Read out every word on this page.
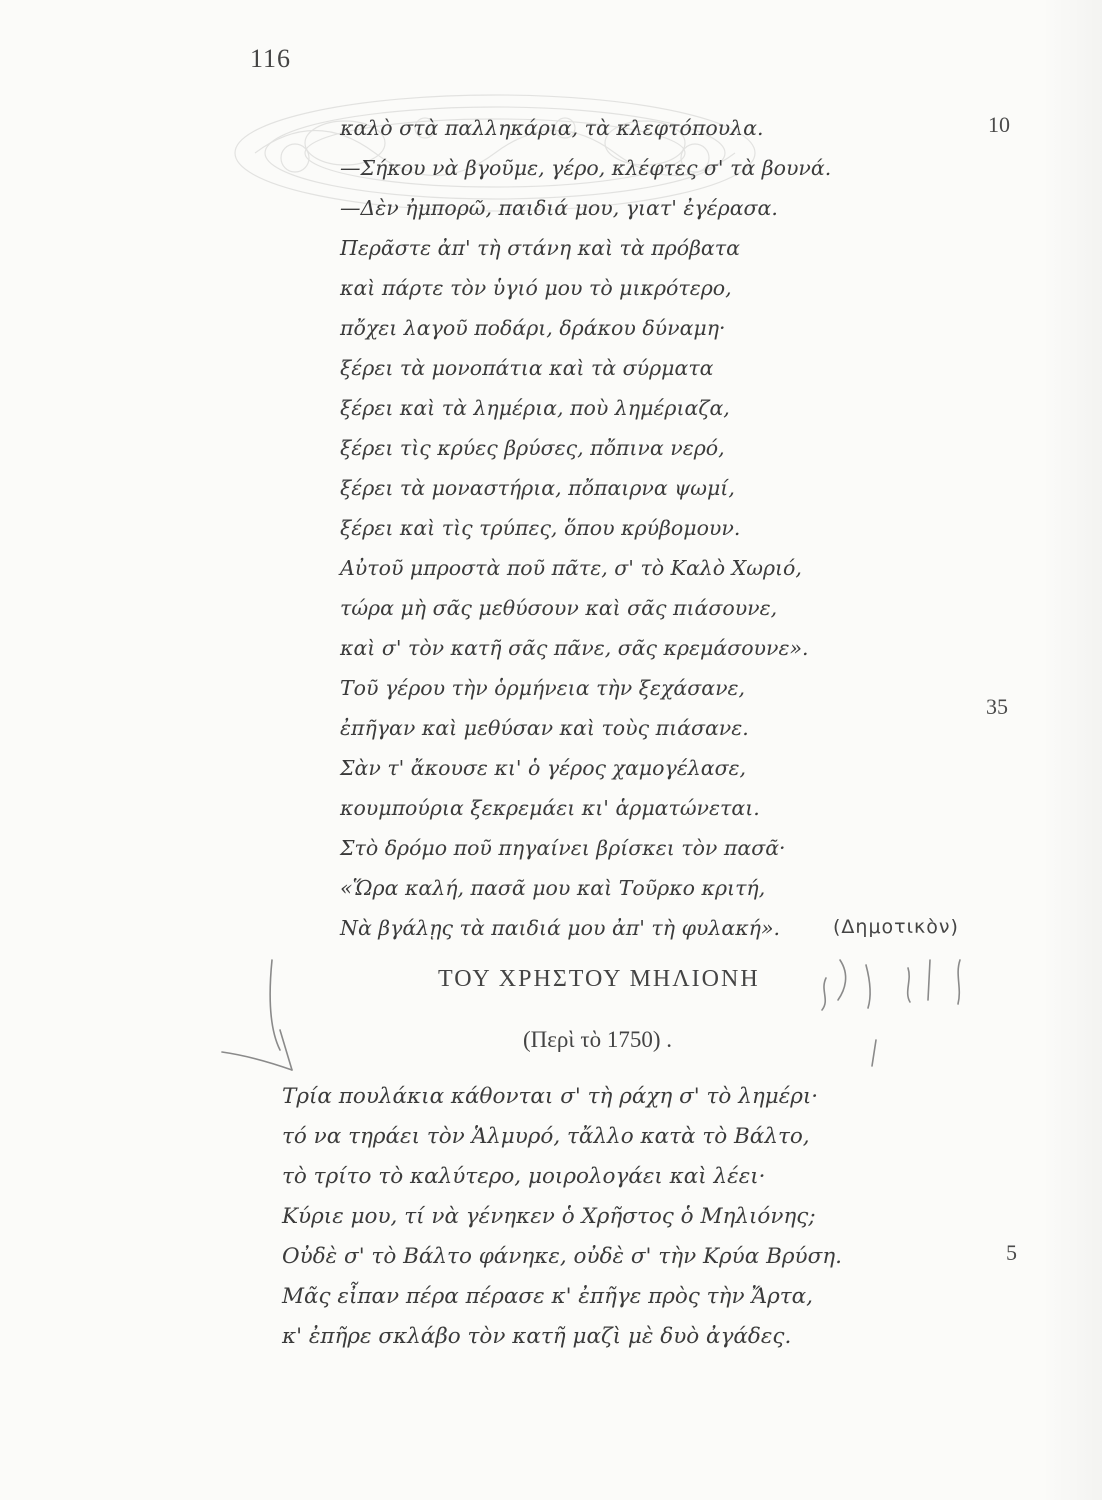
116
καλὸ στὰ παλληκάρια, τὰ κλεφτόπουλα.
—Σήκου νὰ βγοῦμε, γέρο, κλέφτες σ' τὰ βουνά.
—Δὲν ἠμπορῶ, παιδιά μου, γιατ' ἐγέρασα.
Περᾶστε ἀπ' τὴ στάνη καὶ τὰ πρόβατα
καὶ πάρτε τὸν ὑγιό μου τὸ μικρότερο,
πὄχει λαγοῦ ποδάρι, δράκου δύναμη·
ξέρει τὰ μονοπάτια καὶ τὰ σύρματα
ξέρει καὶ τὰ λημέρια, ποὺ λημέριαζα,
ξέρει τὶς κρύες βρύσες, πὄπινα νερό,
ξέρει τὰ μοναστήρια, πὄπαιρνα ψωμί,
ξέρει καὶ τὶς τρύπες, ὅπου κρύβομουν.
Αὐτοῦ μπροστὰ ποῦ πᾶτε, σ' τὸ Καλὸ Χωριό,
τώρα μὴ σᾶς μεθύσουν καὶ σᾶς πιάσουνε,
καὶ σ' τὸν κατῆ σᾶς πᾶνε, σᾶς κρεμάσουνε».
Τοῦ γέρου τὴν ὁρμήνεια τὴν ξεχάσανε,
ἐπῆγαν καὶ μεθύσαν καὶ τοὺς πιάσανε.
Σὰν τ' ἄκουσε κι' ὁ γέρος χαμογέλασε,
κουμπούρια ξεκρεμάει κι' ἁρματώνεται.
Στὸ δρόμο ποῦ πηγαίνει βρίσκει τὸν πασᾶ·
«Ὥρα καλή, πασᾶ μου καὶ Τοῦρκο κριτή,
Νὰ βγάλῃς τὰ παιδιά μου ἀπ' τὴ φυλακή».
10
35
(Δημοτικὸν)
ΤΟΥ ΧΡΗΣΤΟΥ ΜΗΛΙΟΝΗ
(Περὶ τὸ 1750) .
Τρία πουλάκια κάθονται σ' τὴ ράχη σ' τὸ λημέρι·
τό να τηράει τὸν Ἁλμυρό, τἄλλο κατὰ τὸ Βάλτο,
τὸ τρίτο τὸ καλύτερο, μοιρολογάει καὶ λέει·
Κύριε μου, τί νὰ γένηκεν ὁ Χρῆστος ὁ Μηλιόνης;
Οὐδὲ σ' τὸ Βάλτο φάνηκε, οὐδὲ σ' τὴν Κρύα Βρύση.
Μᾶς εἶπαν πέρα πέρασε κ' ἐπῆγε πρὸς τὴν Ἄρτα,
κ' ἐπῆρε σκλάβο τὸν κατῆ μαζὶ μὲ δυὸ ἀγάδες.
5
